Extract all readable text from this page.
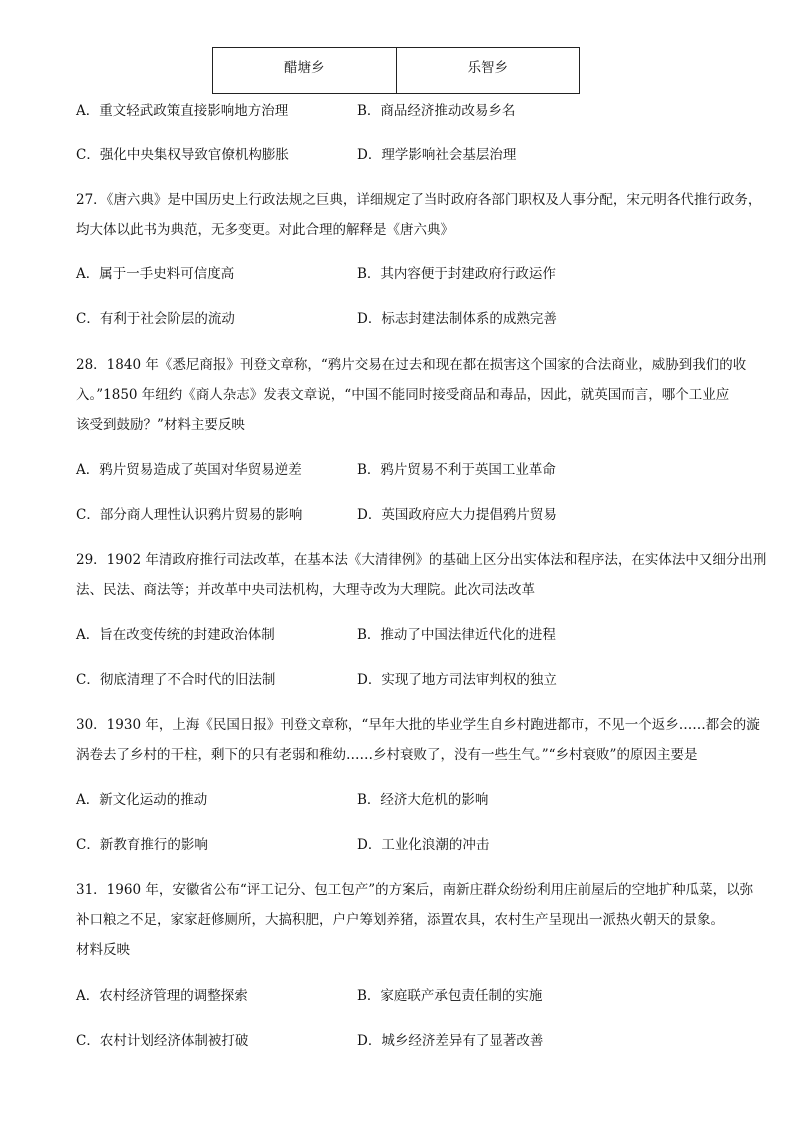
醋塘乡	乐智乡
A．重文轻武政策直接影响地方治理	B．商品经济推动改易乡名
C．强化中央集权导致官僚机构膨胀	D．理学影响社会基层治理
27．《唐六典》是中国历史上行政法规之巨典，详细规定了当时政府各部门职权及人事分配，宋元明各代推行政务，
均大体以此书为典范，无多变更。对此合理的解释是《唐六典》
A．属于一手史料可信度高	B．其内容便于封建政府行政运作
C．有利于社会阶层的流动	D．标志封建法制体系的成熟完善
28．1840 年《悉尼商报》刊登文章称，“鸦片交易在过去和现在都在损害这个国家的合法商业，威胁到我们的收
入。”1850 年纽约《商人杂志》发表文章说，“中国不能同时接受商品和毒品，因此，就英国而言，哪个工业应
该受到鼓励？”材料主要反映
A．鸦片贸易造成了英国对华贸易逆差	B．鸦片贸易不利于英国工业革命
C．部分商人理性认识鸦片贸易的影响	D．英国政府应大力提倡鸦片贸易
29．1902 年清政府推行司法改革，在基本法《大清律例》的基础上区分出实体法和程序法，在实体法中又细分出刑
法、民法、商法等；并改革中央司法机构，大理寺改为大理院。此次司法改革
A．旨在改变传统的封建政治体制	B．推动了中国法律近代化的进程
C．彻底清理了不合时代的旧法制	D．实现了地方司法审判权的独立
30．1930 年，上海《民国日报》刊登文章称，“早年大批的毕业学生自乡村跑进都市，不见一个返乡……都会的漩
涡卷去了乡村的干柱，剩下的只有老弱和稚幼……乡村衰败了，没有一些生气。”“乡村衰败”的原因主要是
A．新文化运动的推动	B．经济大危机的影响
C．新教育推行的影响	D．工业化浪潮的冲击
31．1960 年，安徽省公布“评工记分、包工包产”的方案后，南新庄群众纷纷利用庄前屋后的空地扩种瓜菜，以弥
补口粮之不足，家家赶修厕所，大搞积肥，户户筹划养猪，添置农具，农村生产呈现出一派热火朝天的景象。
材料反映
A．农村经济管理的调整探索	B．家庭联产承包责任制的实施
C．农村计划经济体制被打破	D．城乡经济差异有了显著改善
